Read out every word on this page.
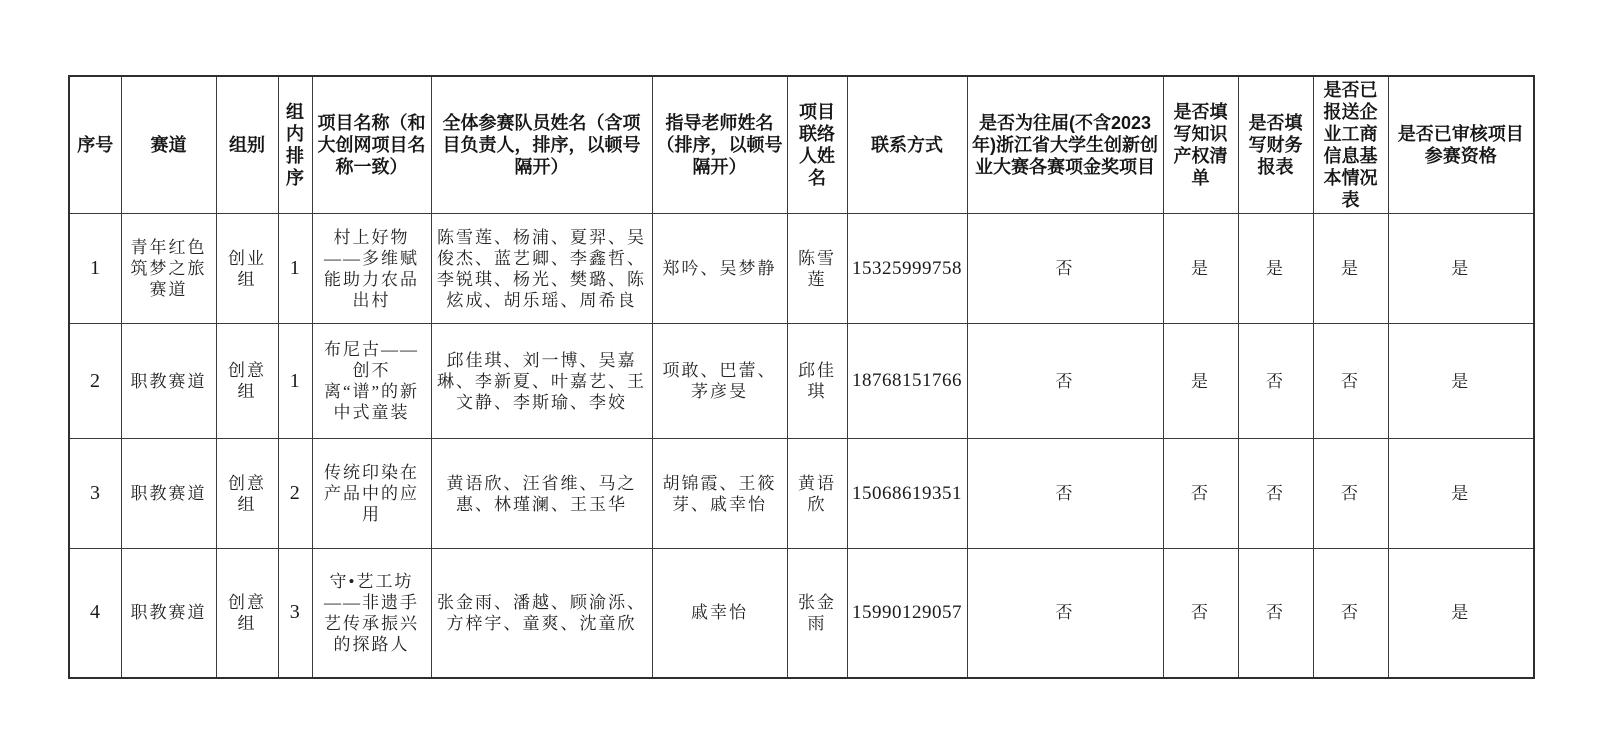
序号	赛道	组别	组内排序	项目名称（和大创网项目名称一致）	全体参赛队员姓名（含项目负责人，排序，以顿号隔开）	指导老师姓名（排序，以顿号隔开）	项目联络人姓名	联系方式	是否为往届(不含2023 年)浙江省大学生创新创业大赛各赛项金奖项目	是否填写知识产权清单	是否填写财务报表	是否已报送企业工商信息基本情况表	是否已审核项目参赛资格
1	青年红色筑梦之旅赛道	创业组	1	村上好物——多维赋能助力农品出村	陈雪莲、杨浦、夏羿、吴俊杰、蓝艺卿、李鑫哲、李锐琪、杨光、樊璐、陈炫成、胡乐瑶、周希良	郑吟、吴梦静	陈雪莲	15325999758	否	是	是	是	是
2	职教赛道	创意组	1	布尼古——创不离“谱”的新中式童装	邱佳琪、刘一博、吴嘉琳、李新夏、叶嘉艺、王文静、李斯瑜、李姣	项敢、巴蕾、茅彦旻	邱佳琪	18768151766	否	是	否	否	是
3	职教赛道	创意组	2	传统印染在产品中的应用	黄语欣、汪省维、马之惠、林瑾澜、王玉华	胡锦霞、王筱芽、戚幸怡	黄语欣	15068619351	否	否	否	否	是
4	职教赛道	创意组	3	守•艺工坊——非遗手艺传承振兴的探路人	张金雨、潘越、顾渝泺、方梓宇、童爽、沈童欣	戚幸怡	张金雨	15990129057	否	否	否	否	是
